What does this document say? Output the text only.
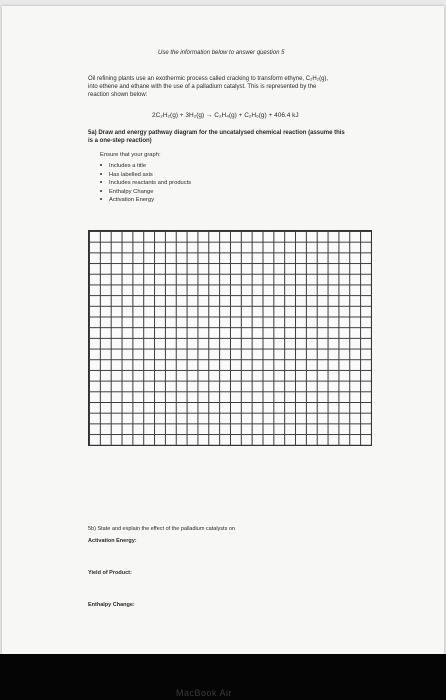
Use the information below to answer question 5
Oil refining plants use an exothermic process called cracking to transform ethyne, C₂H₂(g),
into ethene and ethane with the use of a palladium catalyst. This is represented by the
reaction shown below:
2C₂H₂(g) + 3H₂(g) → C₂H₄(g) + C₂H₆(g) + 406.4 kJ
5a) Draw and energy pathway diagram for the uncatalysed chemical reaction (assume this
is a one-step reaction)
Ensure that your graph:
Includes a title
Has labelled axis
Includes reactants and products
Enthalpy Change
Activation Energy
5b) State and explain the effect of the palladium catalysts on
Activation Energy:
Yield of Product:
Enthalpy Change:
MacBook Air
